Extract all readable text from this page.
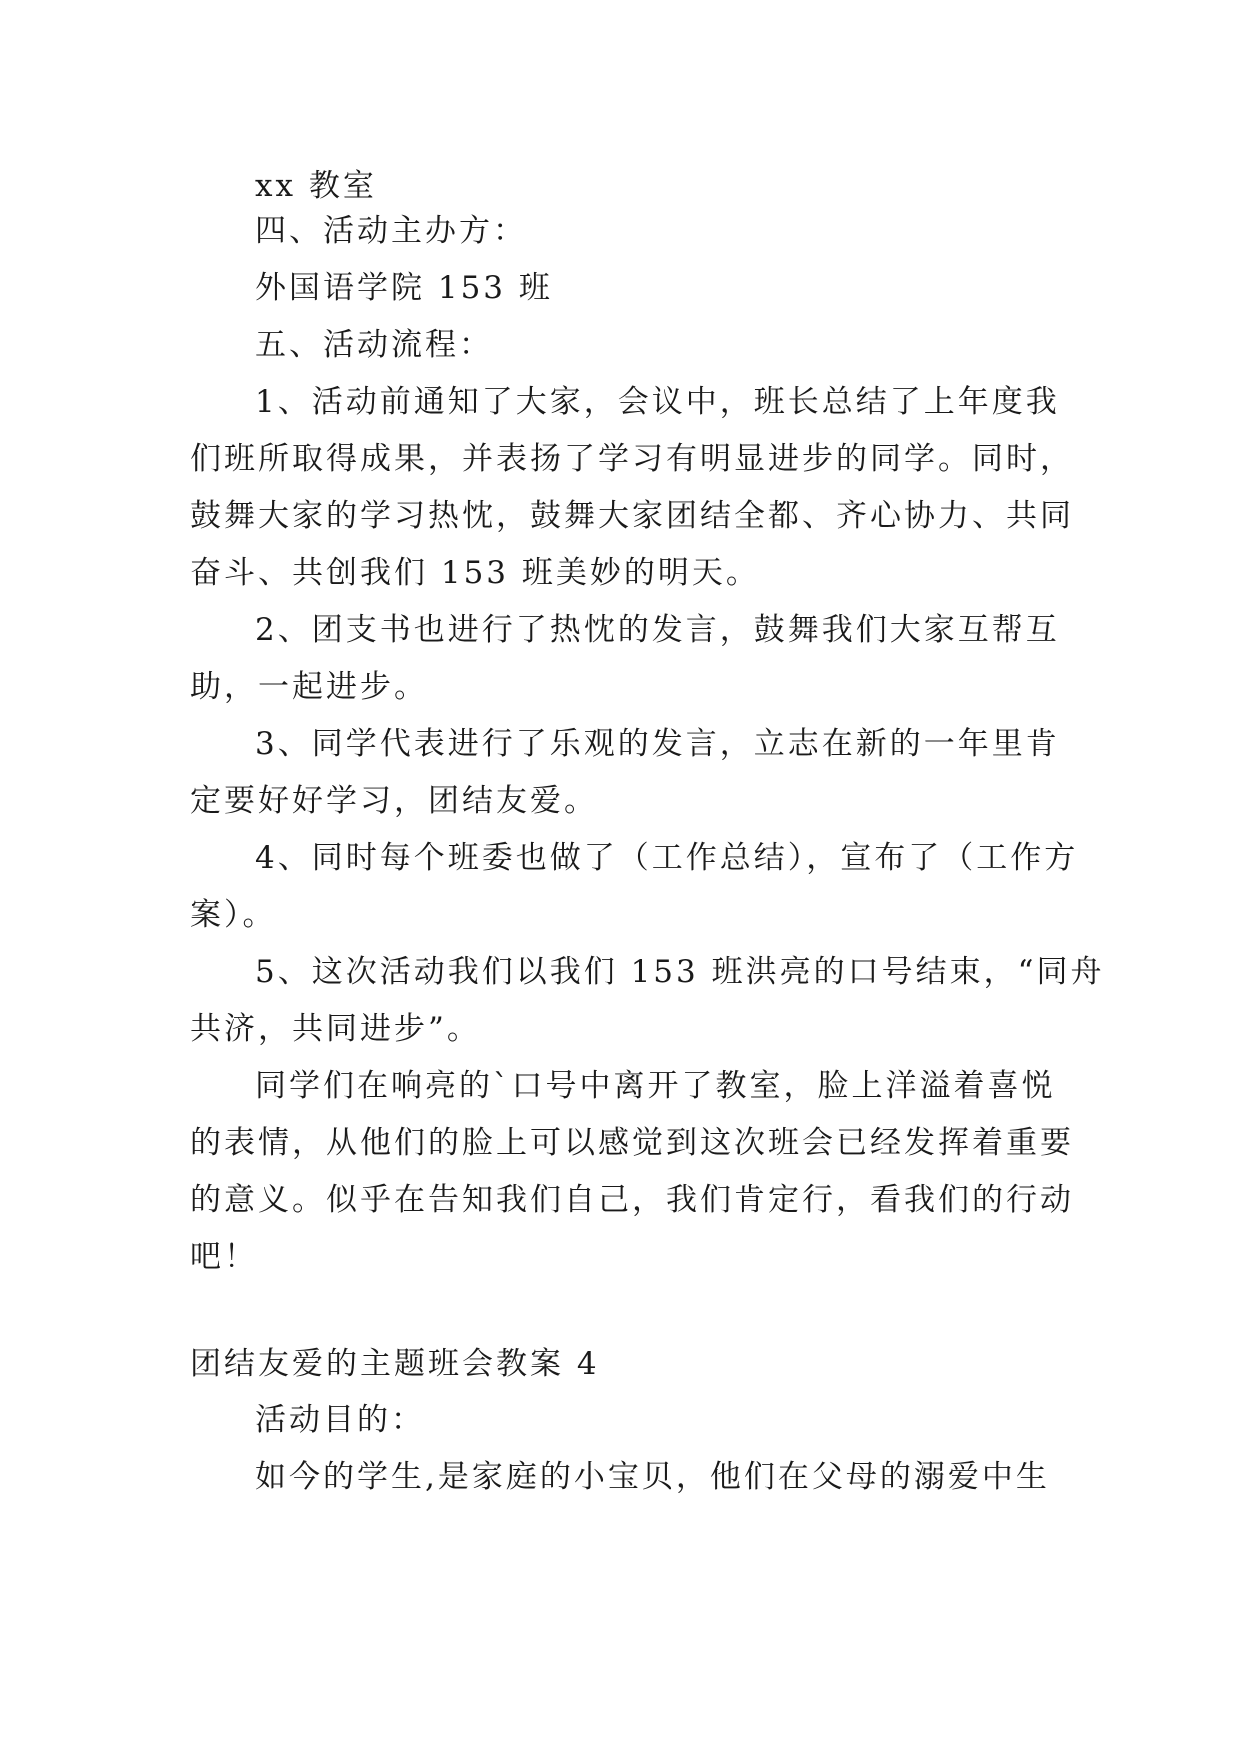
xx 教室
四、活动主办方：
外国语学院 153 班
五、活动流程：
1、活动前通知了大家，会议中，班长总结了上年度我
们班所取得成果，并表扬了学习有明显进步的同学。同时，
鼓舞大家的学习热忱，鼓舞大家团结全都、齐心协力、共同
奋斗、共创我们 153 班美妙的明天。
2、团支书也进行了热忱的发言，鼓舞我们大家互帮互
助，一起进步。
3、同学代表进行了乐观的发言，立志在新的一年里肯
定要好好学习，团结友爱。
4、同时每个班委也做了（工作总结），宣布了（工作方
案）。
5、这次活动我们以我们 153 班洪亮的口号结束，“同舟
共济，共同进步”。
同学们在响亮的`口号中离开了教室，脸上洋溢着喜悦
的表情，从他们的脸上可以感觉到这次班会已经发挥着重要
的意义。似乎在告知我们自己，我们肯定行，看我们的行动
吧！
团结友爱的主题班会教案 4
活动目的：
如今的学生,是家庭的小宝贝，他们在父母的溺爱中生
